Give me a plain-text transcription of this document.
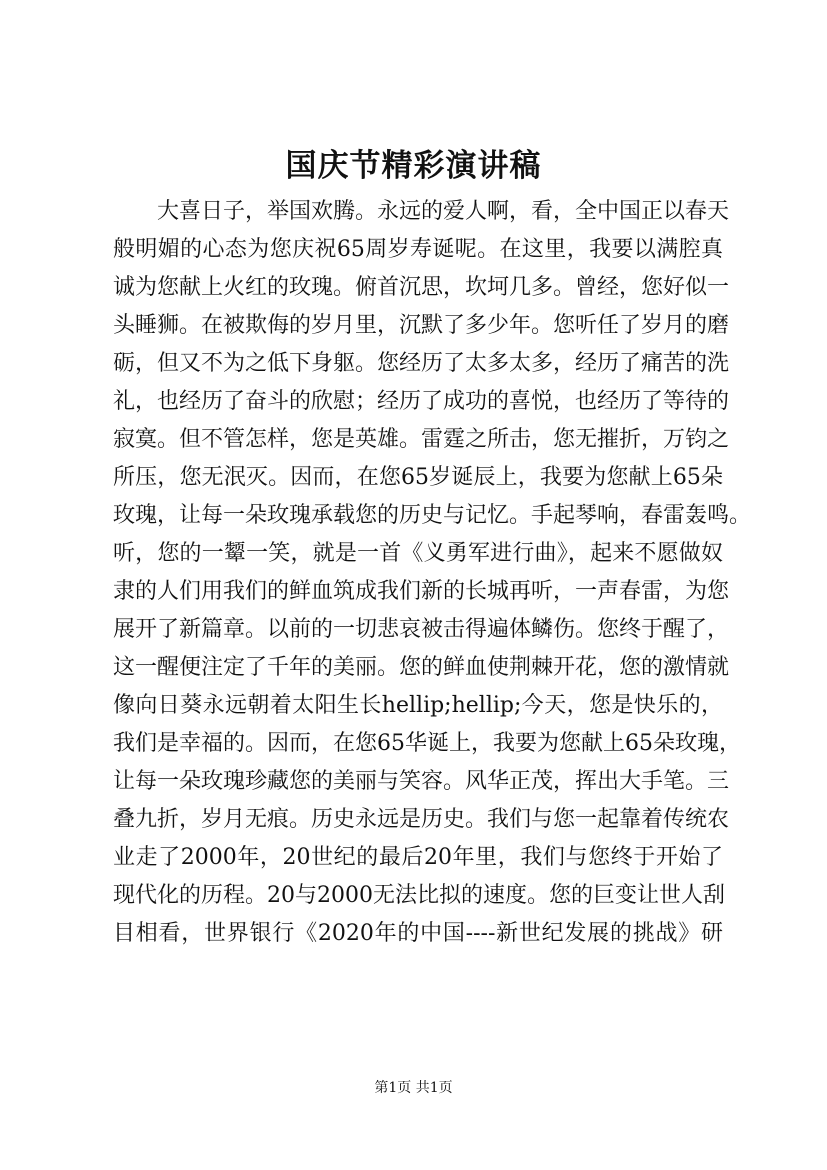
国庆节精彩演讲稿
大喜日子，举国欢腾。永远的爱人啊，看，全中国正以春天
般明媚的心态为您庆祝65周岁寿诞呢。在这里，我要以满腔真
诚为您献上火红的玫瑰。俯首沉思，坎坷几多。曾经，您好似一
头睡狮。在被欺侮的岁月里，沉默了多少年。您听任了岁月的磨
砺，但又不为之低下身躯。您经历了太多太多，经历了痛苦的洗
礼，也经历了奋斗的欣慰；经历了成功的喜悦，也经历了等待的
寂寞。但不管怎样，您是英雄。雷霆之所击，您无摧折，万钧之
所压，您无泯灭。因而，在您65岁诞辰上，我要为您献上65朵
玫瑰，让每一朵玫瑰承载您的历史与记忆。手起琴响，春雷轰鸣。
听，您的一颦一笑，就是一首《义勇军进行曲》，起来不愿做奴
隶的人们用我们的鲜血筑成我们新的长城再听，一声春雷，为您
展开了新篇章。以前的一切悲哀被击得遍体鳞伤。您终于醒了，
这一醒便注定了千年的美丽。您的鲜血使荆棘开花，您的激情就
像向日葵永远朝着太阳生长hellip;hellip;今天，您是快乐的，
我们是幸福的。因而，在您65华诞上，我要为您献上65朵玫瑰，
让每一朵玫瑰珍藏您的美丽与笑容。风华正茂，挥出大手笔。三
叠九折，岁月无痕。历史永远是历史。我们与您一起靠着传统农
业走了2000年，20世纪的最后20年里，我们与您终于开始了
现代化的历程。20与2000无法比拟的速度。您的巨变让世人刮
目相看，世界银行《2020年的中国----新世纪发展的挑战》研
第1页 共1页
